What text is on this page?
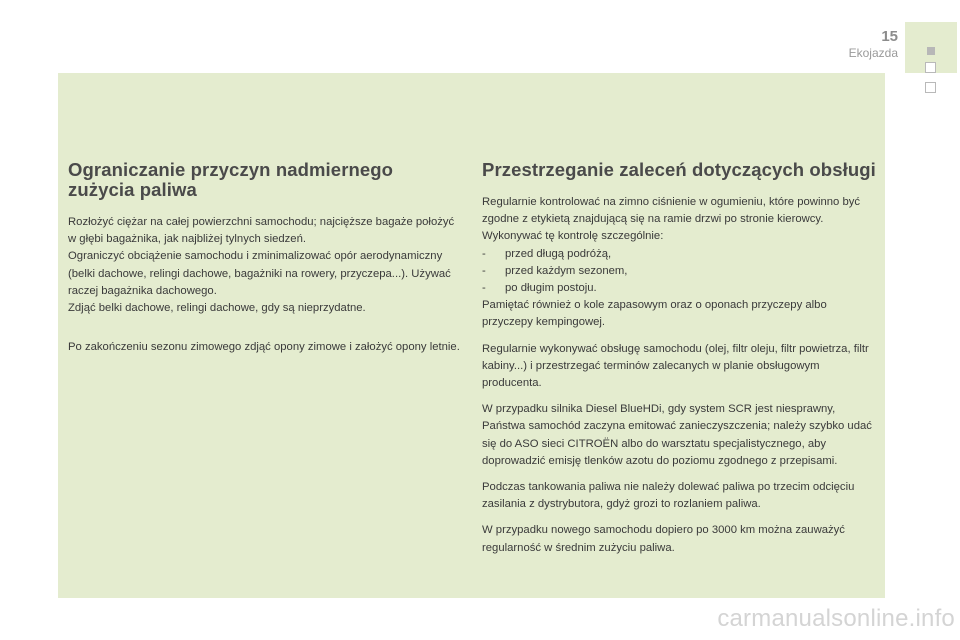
15
Ekojazda
Ograniczanie przyczyn nadmiernego zużycia paliwa

Rozłożyć ciężar na całej powierzchni samochodu; najcięższe bagaże położyć w głębi bagażnika, jak najbliżej tylnych siedzeń.

Ograniczyć obciążenie samochodu i zminimalizować opór aerodynamiczny (belki dachowe, relingi dachowe, bagażniki na rowery, przyczepa...). Używać raczej bagażnika dachowego.

Zdjąć belki dachowe, relingi dachowe, gdy są nieprzydatne.

Po zakończeniu sezonu zimowego zdjąć opony zimowe i założyć opony letnie.

Przestrzeganie zaleceń dotyczących obsługi

Regularnie kontrolować na zimno ciśnienie w ogumieniu, które powinno być zgodne z etykietą znajdującą się na ramie drzwi po stronie kierowcy.

Wykonywać tę kontrolę szczególnie:

-	przed długą podróżą,
-	przed każdym sezonem,
-	po długim postoju.

Pamiętać również o kole zapasowym oraz o oponach przyczepy albo przyczepy kempingowej.

Regularnie wykonywać obsługę samochodu (olej, filtr oleju, filtr powietrza, filtr kabiny...) i przestrzegać terminów zalecanych w planie obsługowym producenta.

W przypadku silnika Diesel BlueHDi, gdy system SCR jest niesprawny, Państwa samochód zaczyna emitować zanieczyszczenia; należy szybko udać się do ASO sieci CITROËN albo do warsztatu specjalistycznego, aby doprowadzić emisję tlenków azotu do poziomu zgodnego z przepisami.

Podczas tankowania paliwa nie należy dolewać paliwa po trzecim odcięciu zasilania z dystrybutora, gdyż grozi to rozlaniem paliwa.

W przypadku nowego samochodu dopiero po 3000 km można zauważyć regularność w średnim zużyciu paliwa.

carmanualsonline.info
